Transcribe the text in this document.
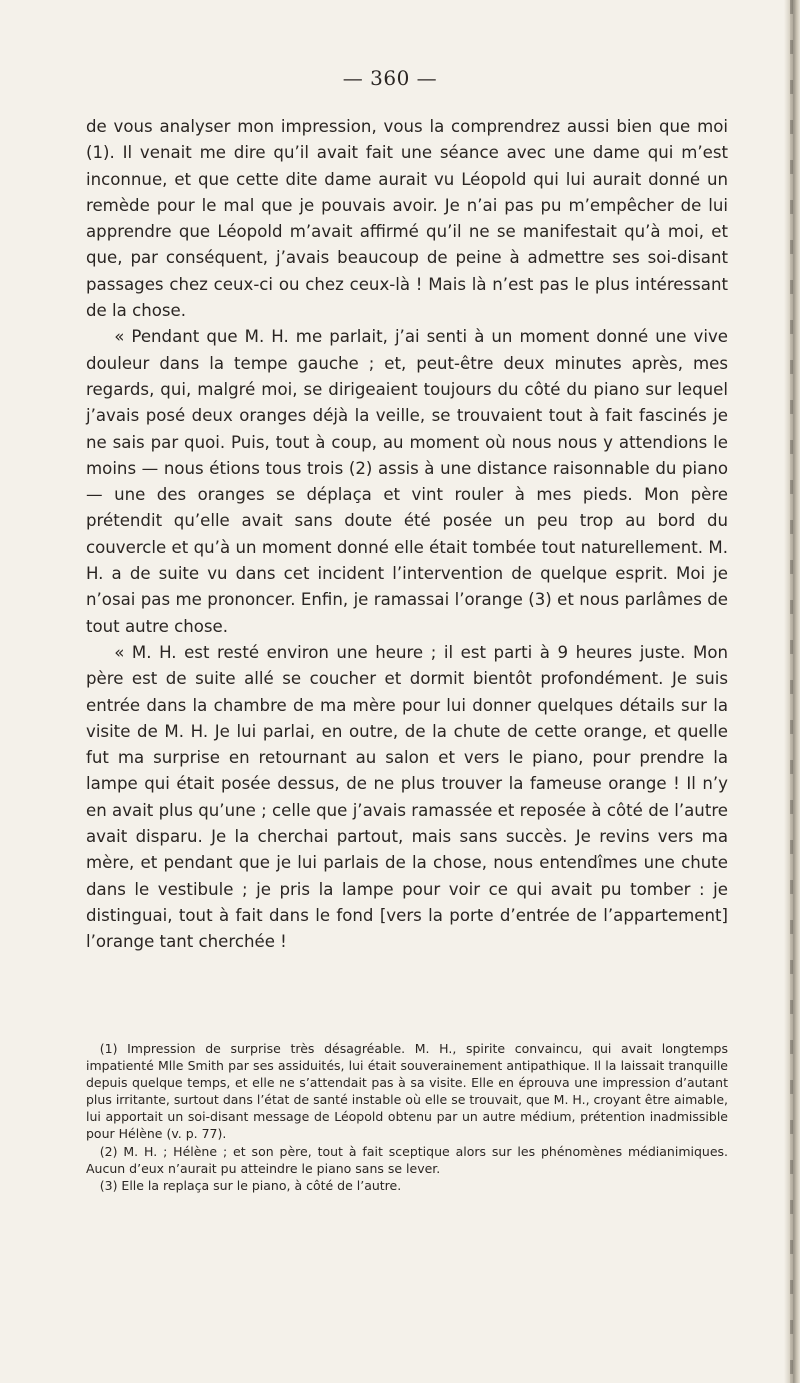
— 360 —

de vous analyser mon impression, vous la comprendrez aussi bien que moi (1). Il venait me dire qu’il avait fait une séance avec une dame qui m’est inconnue, et que cette dite dame aurait vu Léopold qui lui aurait donné un remède pour le mal que je pouvais avoir. Je n’ai pas pu m’empêcher de lui apprendre que Léopold m’avait affirmé qu’il ne se manifestait qu’à moi, et que, par conséquent, j’avais beaucoup de peine à admettre ses soi-disant passages chez ceux-ci ou chez ceux-là ! Mais là n’est pas le plus intéressant de la chose.

« Pendant que M. H. me parlait, j’ai senti à un moment donné une vive douleur dans la tempe gauche ; et, peut-être deux minutes après, mes regards, qui, malgré moi, se dirigeaient toujours du côté du piano sur lequel j’avais posé deux oranges déjà la veille, se trouvaient tout à fait fascinés je ne sais par quoi. Puis, tout à coup, au moment où nous nous y attendions le moins — nous étions tous trois (2) assis à une distance raisonnable du piano — une des oranges se déplaça et vint rouler à mes pieds. Mon père prétendit qu’elle avait sans doute été posée un peu trop au bord du couvercle et qu’à un moment donné elle était tombée tout naturellement. M. H. a de suite vu dans cet incident l’intervention de quelque esprit. Moi je n’osai pas me prononcer. Enfin, je ramassai l’orange (3) et nous parlâmes de tout autre chose.

« M. H. est resté environ une heure ; il est parti à 9 heures juste. Mon père est de suite allé se coucher et dormit bientôt profondément. Je suis entrée dans la chambre de ma mère pour lui donner quelques détails sur la visite de M. H. Je lui parlai, en outre, de la chute de cette orange, et quelle fut ma surprise en retournant au salon et vers le piano, pour prendre la lampe qui était posée dessus, de ne plus trouver la fameuse orange ! Il n’y en avait plus qu’une ; celle que j’avais ramassée et reposée à côté de l’autre avait disparu. Je la cherchai partout, mais sans succès. Je revins vers ma mère, et pendant que je lui parlais de la chose, nous entendîmes une chute dans le vestibule ; je pris la lampe pour voir ce qui avait pu tomber : je distinguai, tout à fait dans le fond [vers la porte d’entrée de l’appartement] l’orange tant cherchée !

(1) Impression de surprise très désagréable. M. H., spirite convaincu, qui avait longtemps impatienté Mlle Smith par ses assiduités, lui était souverainement antipathique. Il la laissait tranquille depuis quelque temps, et elle ne s’attendait pas à sa visite. Elle en éprouva une impression d’autant plus irritante, surtout dans l’état de santé instable où elle se trouvait, que M. H., croyant être aimable, lui apportait un soi-disant message de Léopold obtenu par un autre médium, prétention inadmissible pour Hélène (v. p. 77).

(2) M. H. ; Hélène ; et son père, tout à fait sceptique alors sur les phénomènes médianimiques. Aucun d’eux n’aurait pu atteindre le piano sans se lever.

(3) Elle la replaça sur le piano, à côté de l’autre.
